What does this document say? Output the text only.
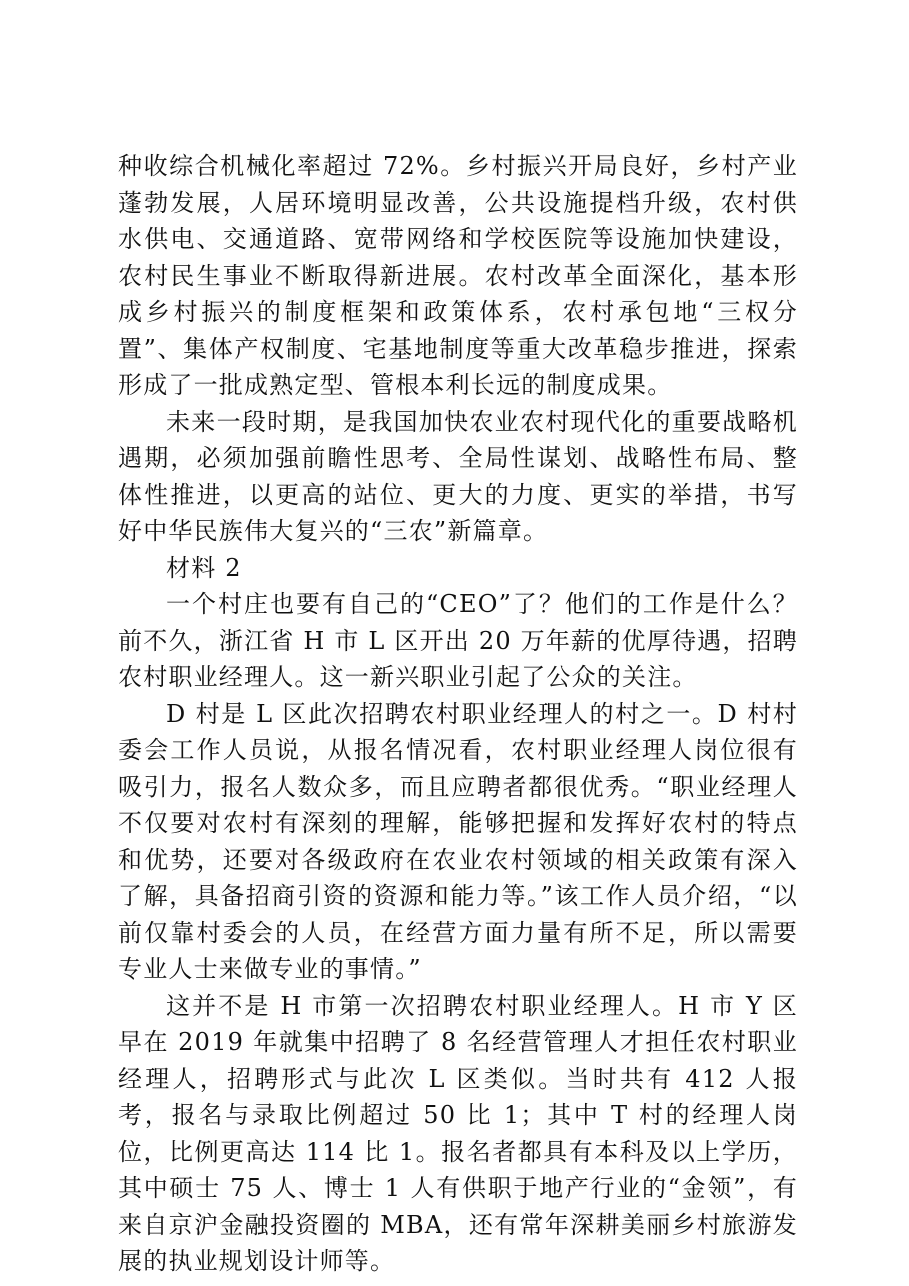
种收综合机械化率超过 72%。乡村振兴开局良好，乡村产业蓬勃发展，人居环境明显改善，公共设施提档升级，农村供水供电、交通道路、宽带网络和学校医院等设施加快建设，农村民生事业不断取得新进展。农村改革全面深化，基本形成乡村振兴的制度框架和政策体系，农村承包地“三权分置”、集体产权制度、宅基地制度等重大改革稳步推进，探索形成了一批成熟定型、管根本利长远的制度成果。

未来一段时期，是我国加快农业农村现代化的重要战略机遇期，必须加强前瞻性思考、全局性谋划、战略性布局、整体性推进，以更高的站位、更大的力度、更实的举措，书写好中华民族伟大复兴的“三农”新篇章。

材料 2

一个村庄也要有自己的“CEO”了？他们的工作是什么？前不久，浙江省 H 市 L 区开出 20 万年薪的优厚待遇，招聘农村职业经理人。这一新兴职业引起了公众的关注。

D 村是 L 区此次招聘农村职业经理人的村之一。D 村村委会工作人员说，从报名情况看，农村职业经理人岗位很有吸引力，报名人数众多，而且应聘者都很优秀。“职业经理人不仅要对农村有深刻的理解，能够把握和发挥好农村的特点和优势，还要对各级政府在农业农村领域的相关政策有深入了解，具备招商引资的资源和能力等。”该工作人员介绍，“以前仅靠村委会的人员，在经营方面力量有所不足，所以需要专业人士来做专业的事情。”

这并不是 H 市第一次招聘农村职业经理人。H 市 Y 区早在 2019 年就集中招聘了 8 名经营管理人才担任农村职业经理人，招聘形式与此次 L 区类似。当时共有 412 人报考，报名与录取比例超过 50 比 1；其中 T 村的经理人岗位，比例更高达 114 比 1。报名者都具有本科及以上学历，其中硕士 75 人、博士 1 人有供职于地产行业的“金领”，有来自京沪金融投资圈的 MBA，还有常年深耕美丽乡村旅游发展的执业规划设计师等。
